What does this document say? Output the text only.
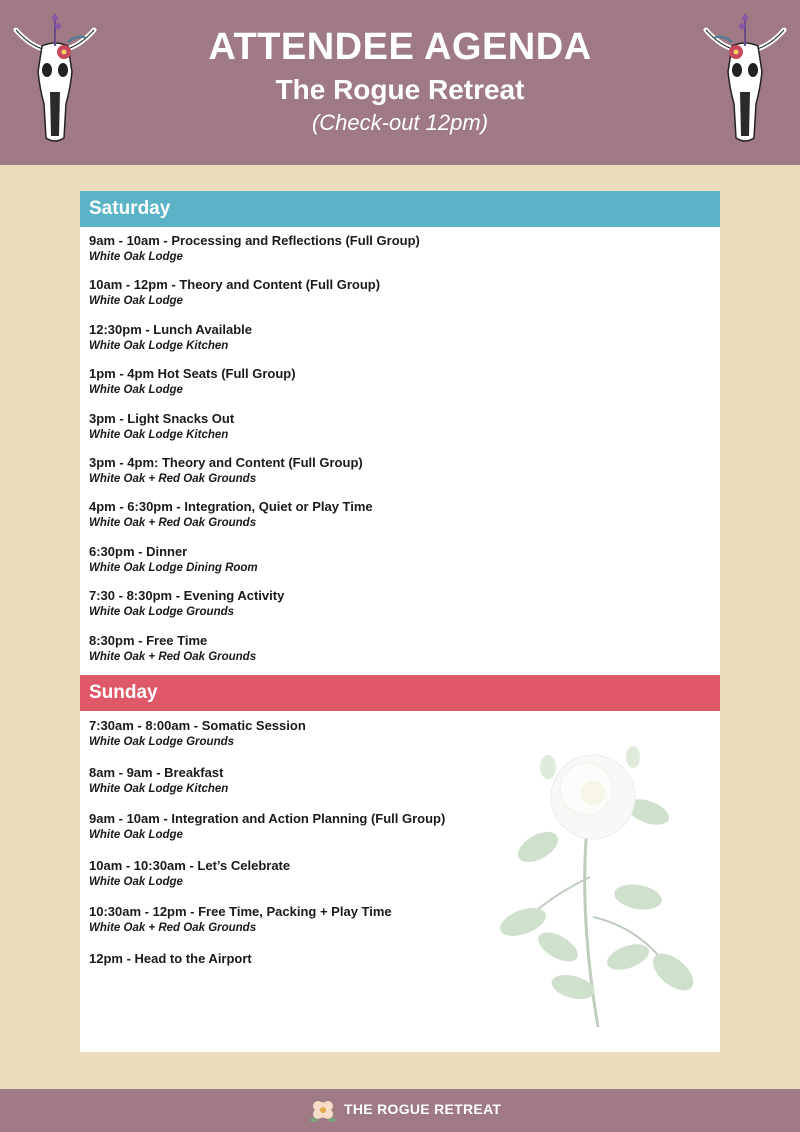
ATTENDEE AGENDA
The Rogue Retreat
(Check-out 12pm)
Saturday
9am - 10am - Processing and Reflections (Full Group)
White Oak Lodge
10am - 12pm - Theory and Content (Full Group)
White Oak Lodge
12:30pm - Lunch Available
White Oak Lodge Kitchen
1pm - 4pm Hot Seats (Full Group)
White Oak Lodge
3pm - Light Snacks Out
White Oak Lodge Kitchen
3pm - 4pm: Theory and Content (Full Group)
White Oak + Red Oak Grounds
4pm - 6:30pm - Integration, Quiet or Play Time
White Oak + Red Oak Grounds
6:30pm - Dinner
White Oak Lodge Dining Room
7:30 - 8:30pm - Evening Activity
White Oak Lodge Grounds
8:30pm - Free Time
White Oak + Red Oak Grounds
Sunday
7:30am - 8:00am - Somatic Session
White Oak Lodge Grounds
8am - 9am - Breakfast
White Oak Lodge Kitchen
9am - 10am - Integration and Action Planning (Full Group)
White Oak Lodge
10am - 10:30am - Let’s Celebrate
White Oak Lodge
10:30am - 12pm - Free Time, Packing + Play Time
White Oak + Red Oak Grounds
12pm - Head to the Airport
THE ROGUE RETREAT
